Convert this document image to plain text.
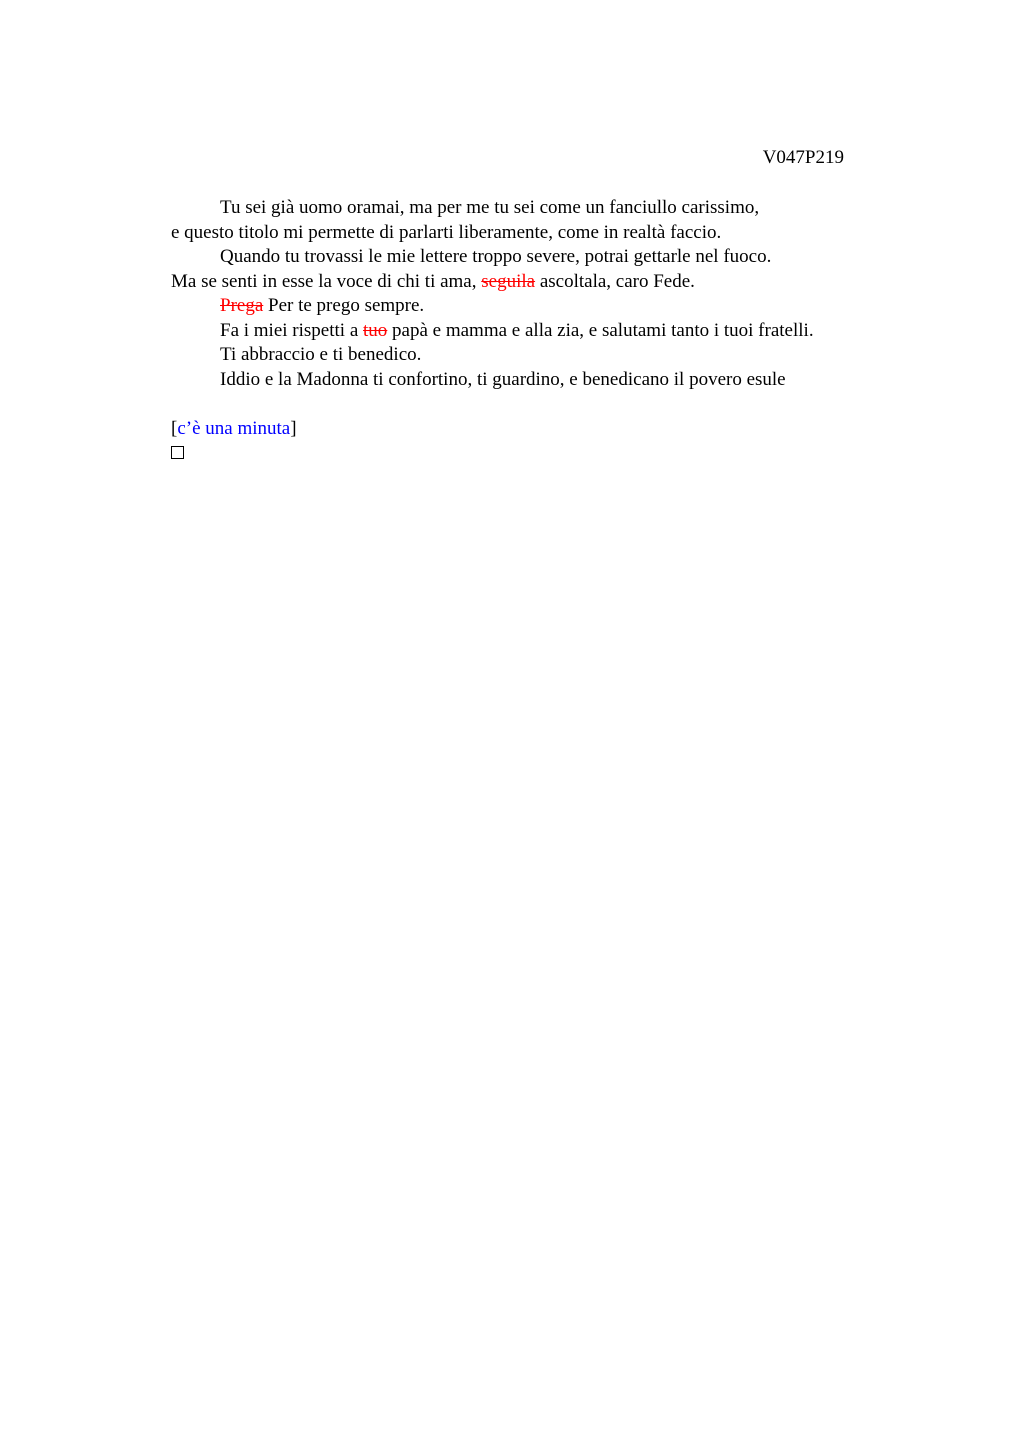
V047P219
Tu sei già uomo oramai, ma per me tu sei come un fanciullo carissimo,
e questo titolo mi permette di parlarti liberamente, come in realtà faccio.
Quando tu trovassi le mie lettere troppo severe, potrai gettarle nel fuoco.
Ma se senti in esse la voce di chi ti ama, seguila ascoltala, caro Fede.
Prega Per te prego sempre.
Fa i miei rispetti a tuo papà e mamma e alla zia, e salutami tanto i tuoi fratelli.
Ti abbraccio e ti benedico.
Iddio e la Madonna ti confortino, ti guardino, e benedicano il povero esule
[c’è una minuta]
